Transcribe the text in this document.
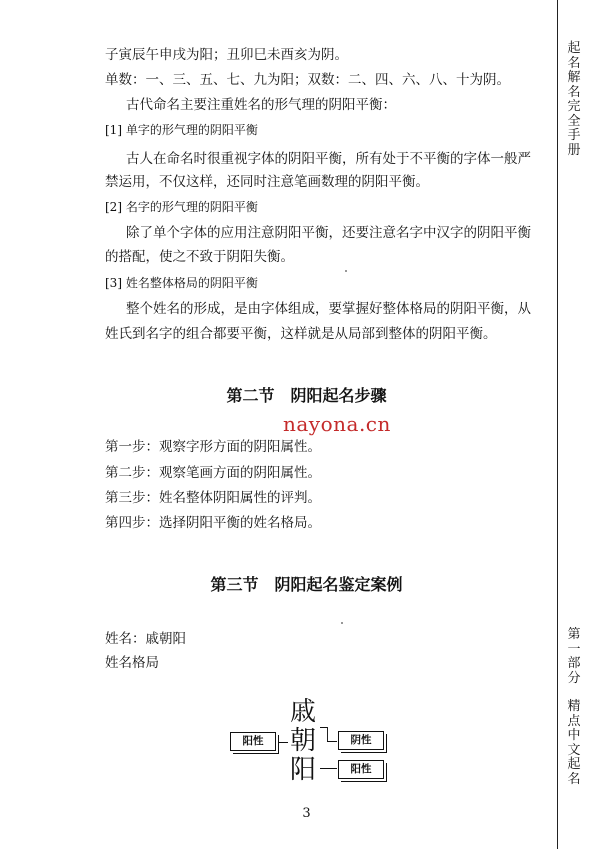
子寅辰午申戌为阳；丑卯巳未酉亥为阴。
单数：一、三、五、七、九为阳；双数：二、四、六、八、十为阴。
古代命名主要注重姓名的形气理的阴阳平衡：
[1] 单字的形气理的阴阳平衡
古人在命名时很重视字体的阴阳平衡，所有处于不平衡的字体一般严
禁运用，不仅这样，还同时注意笔画数理的阴阳平衡。
[2] 名字的形气理的阴阳平衡
除了单个字体的应用注意阴阳平衡，还要注意名字中汉字的阴阳平衡
的搭配，使之不致于阴阳失衡。
[3] 姓名整体格局的阴阳平衡
整个姓名的形成，是由字体组成，要掌握好整体格局的阴阳平衡，从
姓氏到名字的组合都要平衡，这样就是从局部到整体的阴阳平衡。
第二节　阴阳起名步骤
nayona.cn
第一步：观察字形方面的阴阳属性。
第二步：观察笔画方面的阴阳属性。
第三步：姓名整体阴阳属性的评判。
第四步：选择阴阳平衡的姓名格局。
第三节　阴阳起名鉴定案例
姓名：戚朝阳
姓名格局
戚
朝
阳
阳性	阴性
阳性
3
起名解名完全手册
第一部分
精点中文起名
